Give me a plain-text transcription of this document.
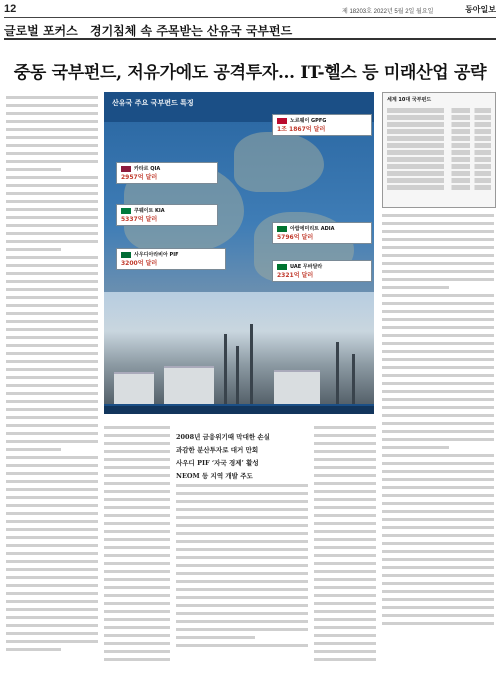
12	제 18203호 2022년 5월 2일 월요일	동아일보
글로벌 포커스 경기침체 속 주목받는 산유국 국부펀드
중동 국부펀드, 저유가에도 공격투자… IT-헬스 등 미래산업 공략
산유국 주요 국부펀드 특징
노르웨이 GPFG
1조 1867억 달러
카타르 QIA
2957억 달러
쿠웨이트 KIA
5337억 달러
사우디아라비아 PIF
3200억 달러
아랍에미리트 ADIA
5796억 달러
UAE 무바달라
2321억 달러
세계 10대 국부펀드

2008년 금융위기때 막대한 손실

과감한 분산투자로 대거 만회

사우디 PIF ‘자국 경제’ 활성

NEOM 등 지역 개발 주도
